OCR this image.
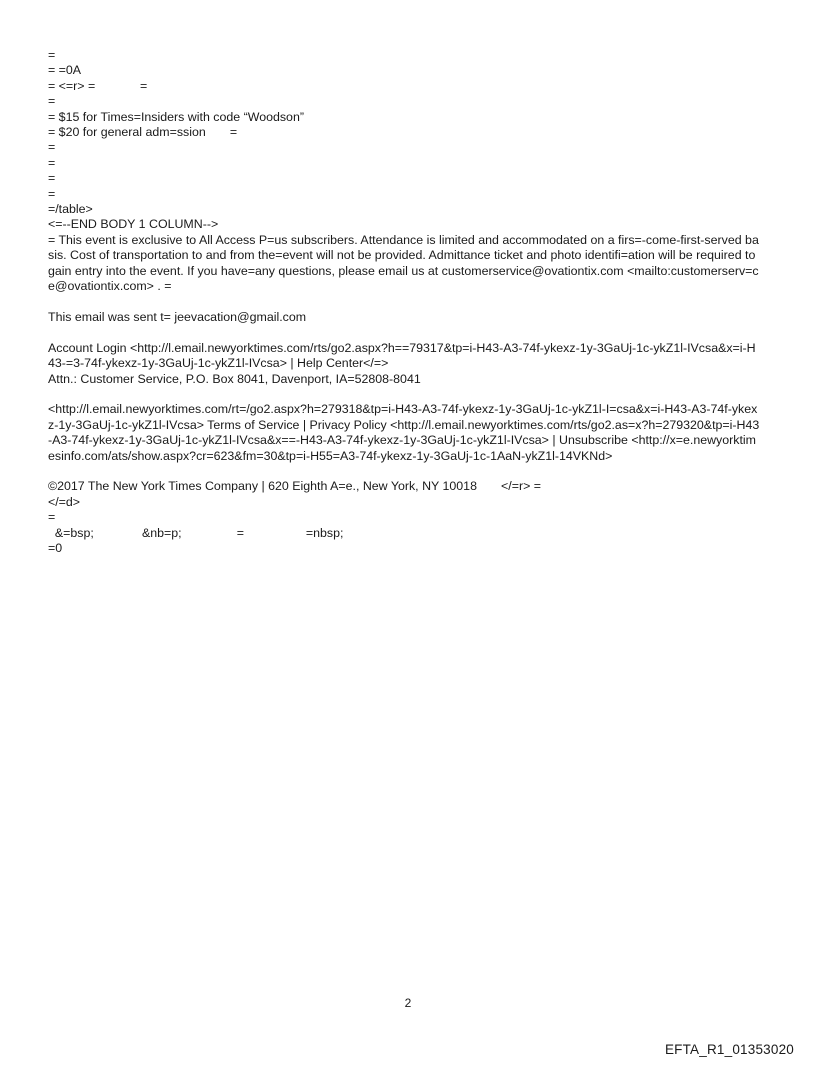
=
= =0A
= <=r> =             =
=
= $15 for Times=Insiders with code “Woodson”
= $20 for general adm=ssion       =
=
=
=
=
=/table>
<=--END BODY 1 COLUMN-->
= This event is exclusive to All Access P=us subscribers. Attendance is limited and accommodated on a firs=-come-first-served basis. Cost of transportation to and from the=event will not be provided. Admittance ticket and photo identifi=ation will be required to gain entry into the event. If you have=any questions, please email us at customerservice@ovationtix.com <mailto:customerserv=ce@ovationtix.com> . =
This email was sent t= jeevacation@gmail.com
Account Login <http://l.email.newyorktimes.com/rts/go2.aspx?h==79317&tp=i-H43-A3-74f-ykexz-1y-3GaUj-1c-ykZ1l-IVcsa&x=i-H43-=3-74f-ykexz-1y-3GaUj-1c-ykZ1l-IVcsa> | Help Center</=>
Attn.: Customer Service, P.O. Box 8041, Davenport, IA=52808-8041
<http://l.email.newyorktimes.com/rt=/go2.aspx?h=279318&tp=i-H43-A3-74f-ykexz-1y-3GaUj-1c-ykZ1l-I=csa&x=i-H43-A3-74f-ykexz-1y-3GaUj-1c-ykZ1l-IVcsa> Terms of Service | Privacy Policy <http://l.email.newyorktimes.com/rts/go2.as=x?h=279320&tp=i-H43-A3-74f-ykexz-1y-3GaUj-1c-ykZ1l-IVcsa&x==-H43-A3-74f-ykexz-1y-3GaUj-1c-ykZ1l-IVcsa> | Unsubscribe <http://x=e.newyorktimesinfo.com/ats/show.aspx?cr=623&fm=30&tp=i-H55=A3-74f-ykexz-1y-3GaUj-1c-1AaN-ykZ1l-14VKNd>
©2017 The New York Times Company | 620 Eighth A=e., New York, NY 10018       </=r> =
</=d>
=
&=bsp;              &nb=p;                =                  =nbsp;
=0
2
EFTA_R1_01353020
